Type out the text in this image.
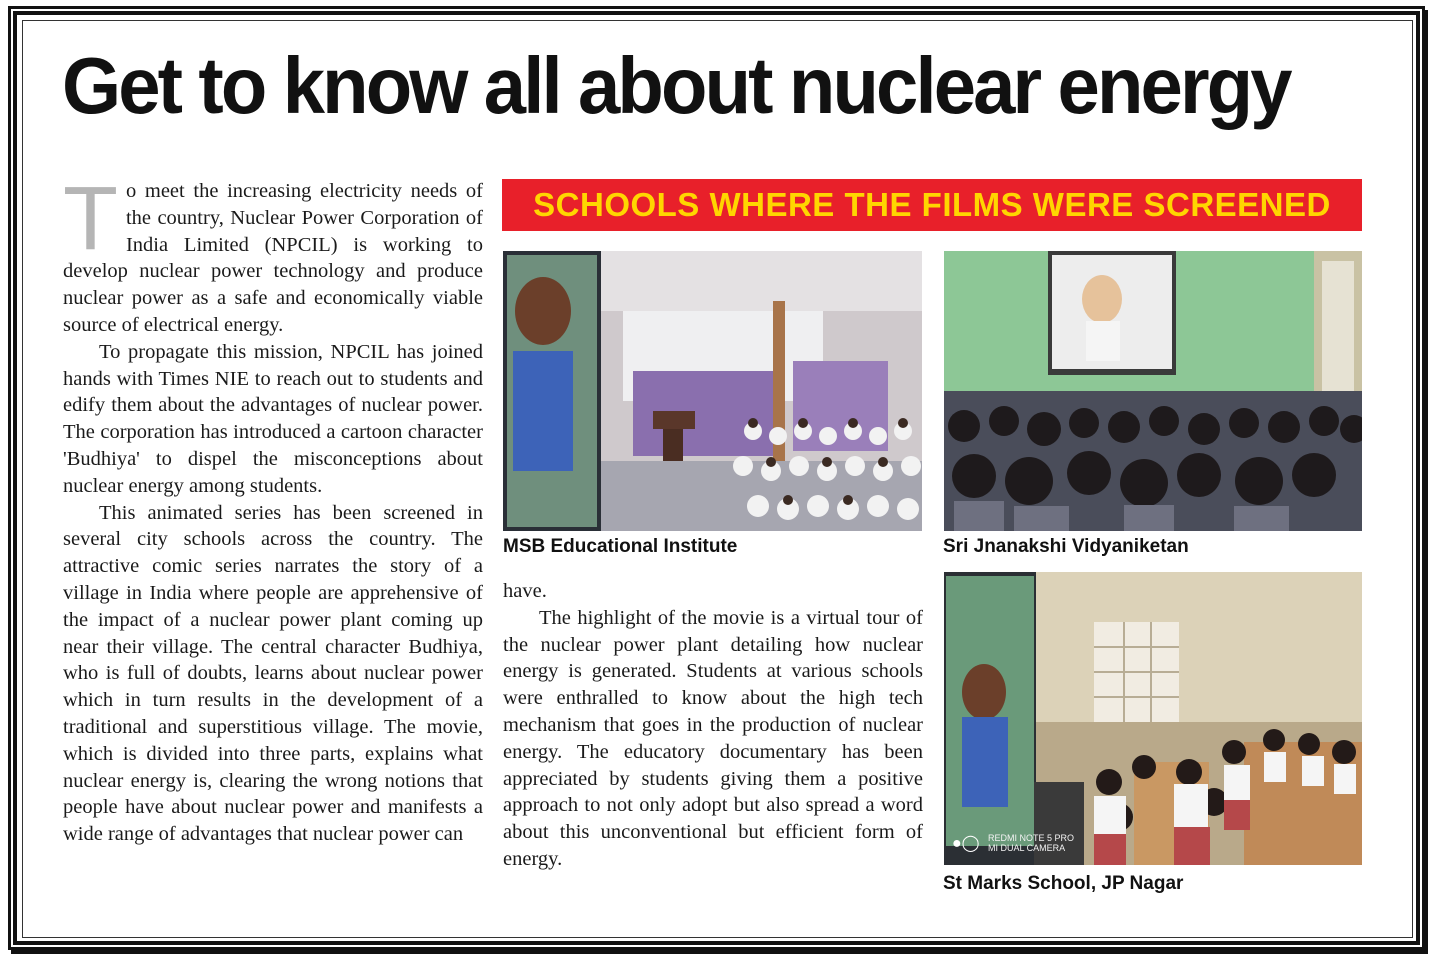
Get to know all about nuclear energy

To meet the increasing electricity needs of the country, Nuclear Power Corporation of India Limited (NPCIL) is working to develop nuclear power technology and produce nuclear power as a safe and economically viable source of electrical energy.

To propagate this mission, NPCIL has joined hands with Times NIE to reach out to students and edify them about the advantages of nuclear power. The corporation has introduced a cartoon character 'Budhiya' to dispel the misconceptions about nuclear energy among students.

This animated series has been screened in several city schools across the country. The attractive comic series narrates the story of a village in India where people are apprehensive of the impact of a nuclear power plant coming up near their village. The central character Budhiya, who is full of doubts, learns about nuclear power which in turn results in the development of a traditional and superstitious village. The movie, which is divided into three parts, explains what nuclear energy is, clearing the wrong notions that people have about nuclear power and manifests a wide range of advantages that nuclear power can

have.

The highlight of the movie is a virtual tour of the nuclear power plant detailing how nuclear energy is generated. Students at various schools were enthralled to know about the high tech mechanism that goes in the production of nuclear energy. The educatory documentary has been appreciated by students giving them a positive approach to not only adopt but also spread a word about this unconventional but efficient form of energy.

SCHOOLS WHERE THE FILMS WERE SCREENED
●◯ REDMI NOTE 5 PRO
MI DUAL CAMERA
MSB Educational Institute	Sri Jnanakshi Vidyaniketan
St Marks School, JP Nagar
